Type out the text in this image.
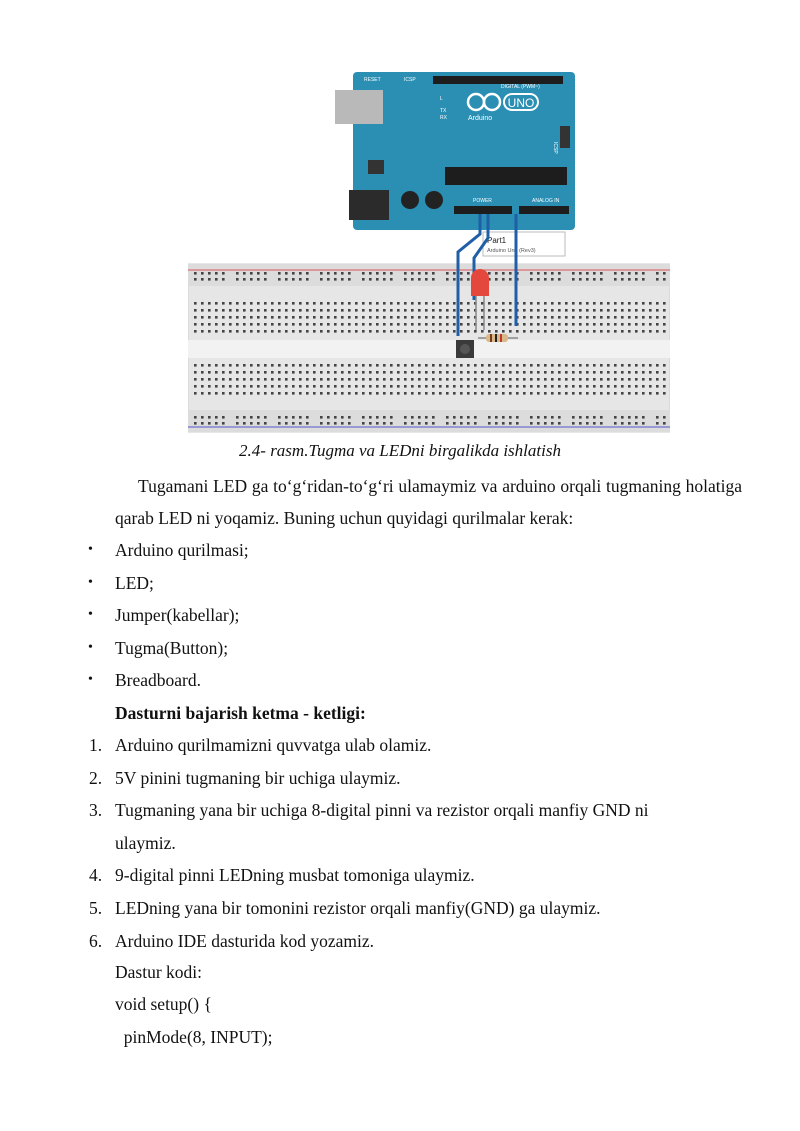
UNO
Arduino
RESET	ICSP
DIGITAL (PWM~)
TX
RX
L
POWER	ANALOG IN
ICSP
Part1
Arduino Uno (Rev3)
2.4- rasm.Tugma va LEDni birgalikda ishlatish
Tugamani LED ga to‘g‘ridan-to‘g‘ri ulamaymiz va arduino orqali tugmaning holatiga qarab LED ni yoqamiz. Buning uchun quyidagi qurilmalar kerak:
• Arduino qurilmasi;
• LED;
• Jumper(kabellar);
• Tugma(Button);
• Breadboard.
Dasturni bajarish ketma - ketligi:
1. Arduino qurilmamizni quvvatga ulab olamiz.
2. 5V pinini tugmaning bir uchiga ulaymiz.
3. Tugmaning yana bir uchiga 8-digital pinni va rezistor orqali manfiy GND ni
ulaymiz.
4. 9-digital pinni LEDning musbat tomoniga ulaymiz.
5. LEDning yana bir tomonini rezistor orqali manfiy(GND) ga ulaymiz.
6. Arduino IDE dasturida kod yozamiz.
Dastur kodi:
void setup() {
pinMode(8, INPUT);
